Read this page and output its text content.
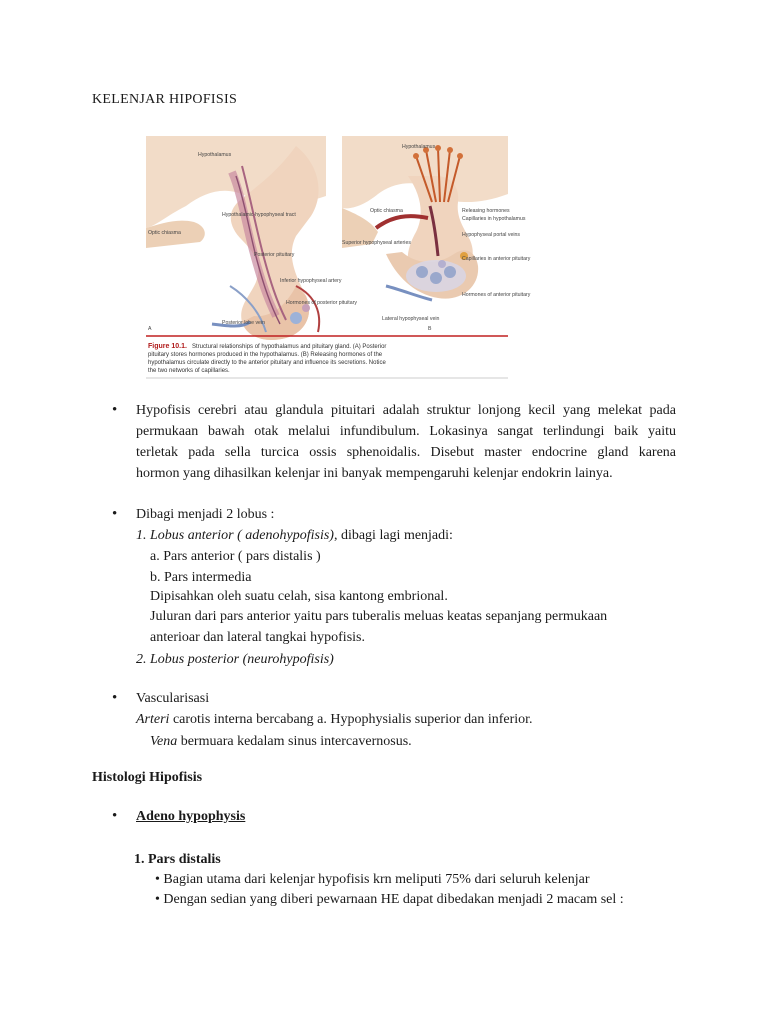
KELENJAR HIPOFISIS
Hypothalamus
Hypothalamic-hypophyseal tract
Optic chiasma
Posterior pituitary
Inferior hypophyseal artery
Hormones of posterior pituitary
Posterior lobe vein
A
Hypothalamus
Optic chiasma	Releasing hormones
Capillaries in hypothalamus
Superior hypophyseal arteries
Hypophyseal portal veins
Capillaries in anterior pituitary
Hormones of anterior pituitary
Lateral hypophyseal vein
B
Figure 10.1. Structural relationships of hypothalamus and pituitary gland. (A) Posterior
pituitary stores hormones produced in the hypothalamus. (B) Releasing hormones of the
hypothalamus circulate directly to the anterior pituitary and influence its secretions. Notice
the two networks of capillaries.
• Hypofisis cerebri atau glandula pituitari adalah struktur lonjong kecil yang melekat pada
permukaan bawah otak melalui infundibulum. Lokasinya sangat terlindungi baik yaitu
terletak pada sella turcica ossis sphenoidalis. Disebut master endocrine gland karena
hormon yang dihasilkan kelenjar ini banyak mempengaruhi kelenjar endokrin lainya.
• Dibagi menjadi 2 lobus :
1. Lobus anterior ( adenohypofisis), dibagi lagi menjadi:
a. Pars anterior ( pars distalis )
b. Pars intermedia
Dipisahkan oleh suatu celah, sisa kantong embrional.
Juluran dari pars anterior yaitu pars tuberalis meluas keatas sepanjang permukaan
anterioar dan lateral tangkai hypofisis.
2. Lobus posterior (neurohypofisis)
• Vascularisasi
Arteri carotis interna bercabang a. Hypophysialis superior dan inferior.
Vena bermuara kedalam sinus intercavernosus.
Histologi Hipofisis
• Adeno hypophysis
1. Pars distalis
• Bagian utama dari kelenjar hypofisis krn meliputi 75% dari seluruh kelenjar
• Dengan sedian yang diberi pewarnaan HE dapat dibedakan menjadi 2 macam sel :
